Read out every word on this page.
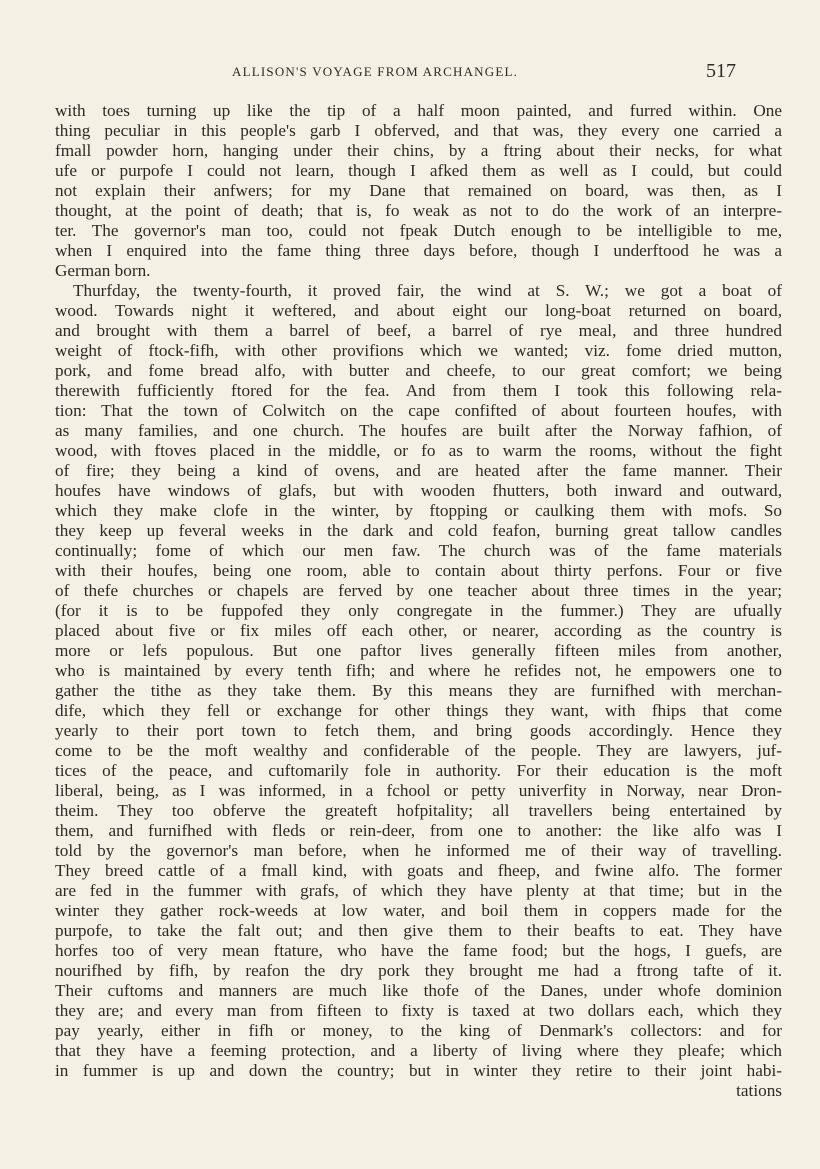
ALLISON'S VOYAGE FROM ARCHANGEL.	517
with toes turning up like the tip of a half moon painted, and furred within. One
thing peculiar in this people's garb I obferved, and that was, they every one carried a
fmall powder horn, hanging under their chins, by a ftring about their necks, for what
ufe or purpofe I could not learn, though I afked them as well as I could, but could
not explain their anfwers; for my Dane that remained on board, was then, as I
thought, at the point of death; that is, fo weak as not to do the work of an interpre-
ter. The governor's man too, could not fpeak Dutch enough to be intelligible to me,
when I enquired into the fame thing three days before, though I underftood he was a
German born.
Thurfday, the twenty-fourth, it proved fair, the wind at S. W.; we got a boat of
wood. Towards night it weftered, and about eight our long-boat returned on board,
and brought with them a barrel of beef, a barrel of rye meal, and three hundred
weight of ftock-fifh, with other provifions which we wanted; viz. fome dried mutton,
pork, and fome bread alfo, with butter and cheefe, to our great comfort; we being
therewith fufficiently ftored for the fea. And from them I took this following rela-
tion: That the town of Colwitch on the cape confifted of about fourteen houfes, with
as many families, and one church. The houfes are built after the Norway fafhion, of
wood, with ftoves placed in the middle, or fo as to warm the rooms, without the fight
of fire; they being a kind of ovens, and are heated after the fame manner. Their
houfes have windows of glafs, but with wooden fhutters, both inward and outward,
which they make clofe in the winter, by ftopping or caulking them with mofs. So
they keep up feveral weeks in the dark and cold feafon, burning great tallow candles
continually; fome of which our men faw. The church was of the fame materials
with their houfes, being one room, able to contain about thirty perfons. Four or five
of thefe churches or chapels are ferved by one teacher about three times in the year;
(for it is to be fuppofed they only congregate in the fummer.) They are ufually
placed about five or fix miles off each other, or nearer, according as the country is
more or lefs populous. But one paftor lives generally fifteen miles from another,
who is maintained by every tenth fifh; and where he refides not, he empowers one to
gather the tithe as they take them. By this means they are furnifhed with merchan-
dife, which they fell or exchange for other things they want, with fhips that come
yearly to their port town to fetch them, and bring goods accordingly. Hence they
come to be the moft wealthy and confiderable of the people. They are lawyers, juf-
tices of the peace, and cuftomarily fole in authority. For their education is the moft
liberal, being, as I was informed, in a fchool or petty univerfity in Norway, near Dron-
theim. They too obferve the greateft hofpitality; all travellers being entertained by
them, and furnifhed with fleds or rein-deer, from one to another: the like alfo was I
told by the governor's man before, when he informed me of their way of travelling.
They breed cattle of a fmall kind, with goats and fheep, and fwine alfo. The former
are fed in the fummer with grafs, of which they have plenty at that time; but in the
winter they gather rock-weeds at low water, and boil them in coppers made for the
purpofe, to take the falt out; and then give them to their beafts to eat. They have
horfes too of very mean ftature, who have the fame food; but the hogs, I guefs, are
nourifhed by fifh, by reafon the dry pork they brought me had a ftrong tafte of it.
Their cuftoms and manners are much like thofe of the Danes, under whofe dominion
they are; and every man from fifteen to fixty is taxed at two dollars each, which they
pay yearly, either in fifh or money, to the king of Denmark's collectors: and for
that they have a feeming protection, and a liberty of living where they pleafe; which
in fummer is up and down the country; but in winter they retire to their joint habi-
tations
